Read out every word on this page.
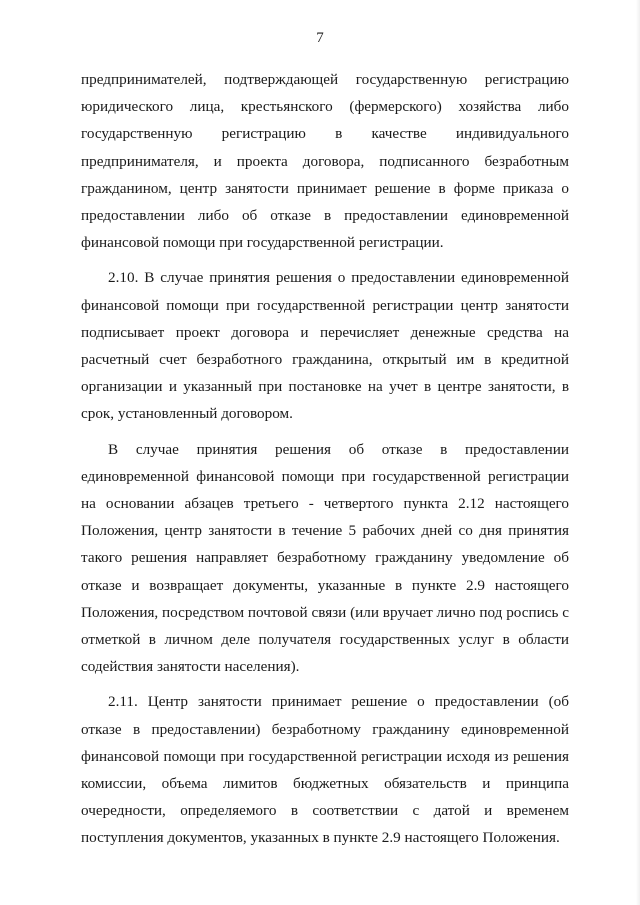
7

предпринимателей, подтверждающей государственную регистрацию юридического лица, крестьянского (фермерского) хозяйства либо государственную регистрацию в качестве индивидуального предпринимателя, и проекта договора, подписанного безработным гражданином, центр занятости принимает решение в форме приказа о предоставлении либо об отказе в предоставлении единовременной финансовой помощи при государственной регистрации.

2.10. В случае принятия решения о предоставлении единовременной финансовой помощи при государственной регистрации центр занятости подписывает проект договора и перечисляет денежные средства на расчетный счет безработного гражданина, открытый им в кредитной организации и указанный при постановке на учет в центре занятости, в срок, установленный договором.

В случае принятия решения об отказе в предоставлении единовременной финансовой помощи при государственной регистрации на основании абзацев третьего - четвертого пункта 2.12 настоящего Положения, центр занятости в течение 5 рабочих дней со дня принятия такого решения направляет безработному гражданину уведомление об отказе и возвращает документы, указанные в пункте 2.9 настоящего Положения, посредством почтовой связи (или вручает лично под роспись с отметкой в личном деле получателя государственных услуг в области содействия занятости населения).

2.11. Центр занятости принимает решение о предоставлении (об отказе в предоставлении) безработному гражданину единовременной финансовой помощи при государственной регистрации исходя из решения комиссии, объема лимитов бюджетных обязательств и принципа очередности, определяемого в соответствии с датой и временем поступления документов, указанных в пункте 2.9 настоящего Положения.
